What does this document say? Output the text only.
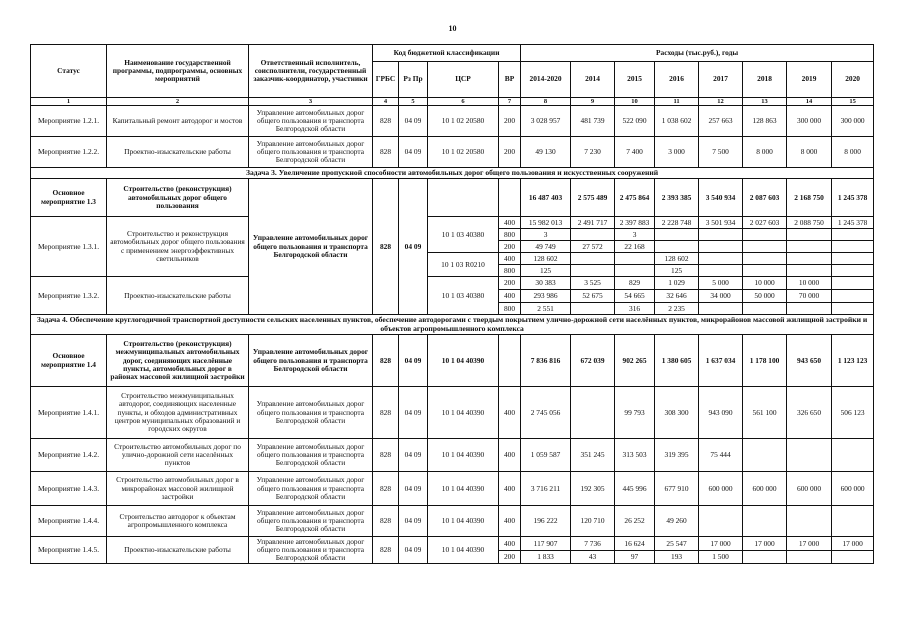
10
Статус	Наименование государственной программы, подпрограммы, основных мероприятий	Ответственный исполнитель, соисполнители, государственный заказчик-координатор, участники	Код бюджетной классификации				Расходы (тыс.руб.), годы							
			ГРБС	Рз Пр	ЦСР	ВР	2014-2020	2014	2015	2016	2017	2018	2019	2020
1	2	3	4	5	6	7	8	9	10	11	12	13	14	15
Мероприятие 1.2.1.	Капитальный ремонт автодорог и мостов	Управление автомобильных дорог общего пользования и транспорта Белгородской области	828	04 09	10 1 02 20580	200	3 028 957	481 739	522 090	1 038 602	257 663	128 863	300 000	300 000
Мероприятие 1.2.2.	Проектно-изыскательские работы	Управление автомобильных дорог общего пользования и транспорта Белгородской области	828	04 09	10 1 02 20580	200	49 130	7 230	7 400	3 000	7 500	8 000	8 000	8 000
Задача 3. Увеличение пропускной способности автомобильных дорог общего пользования и искусственных сооружений														
Основное мероприятие 1.3	Строительство (реконструкция) автомобильных дорог общего пользования	Управление автомобильных дорог общего пользования и транспорта Белгородской области	828	04 09			16 487 403	2 575 489	2 475 864	2 393 385	3 540 934	2 087 603	2 168 750	1 245 378
Мероприятие 1.3.1.	Строительство и реконструкция автомобильных дорог общего пользования с применением энергоэффективных светильников				10 1 03 40380	400	15 982 013	2 491 717	2 397 883	2 228 748	3 501 934	2 027 603	2 088 750	1 245 378
						800	3		3					
						200	49 749	27 572	22 168					
					10 1 03 R0210	400	128 602			128 602				
						800	125			125				
Мероприятие 1.3.2.	Проектно-изыскательские работы				10 1 03 40380	200	30 383	3 525	829	1 029	5 000	10 000	10 000	
						400	293 986	52 675	54 665	32 646	34 000	50 000	70 000	
						800	2 551		316	2 235				
Задача 4. Обеспечение круглогодичной транспортной доступности сельских населенных пунктов, обеспечение автодорогами с твердым покрытием улично-дорожной сети населённых пунктов, микрорайонов массовой жилищной застройки и объектов агропромышленного комплекса														
Основное мероприятие 1.4	Строительство (реконструкция) межмуниципальных автомобильных дорог, соединяющих населённые пункты, автомобильных дорог в районах массовой жилищной застройки	Управление автомобильных дорог общего пользования и транспорта Белгородской области	828	04 09	10 1 04 40390		7 836 816	672 039	902 265	1 380 605	1 637 034	1 178 100	943 650	1 123 123
Мероприятие 1.4.1.	Строительство межмуниципальных автодорог, соединяющих населенные пункты, и обходов административных центров муниципальных образований и городских округов	Управление автомобильных дорог общего пользования и транспорта Белгородской области	828	04 09	10 1 04 40390	400	2 745 056		99 793	308 300	943 090	561 100	326 650	506 123
Мероприятие 1.4.2.	Строительство автомобильных дорог по улично-дорожной сети населённых пунктов	Управление автомобильных дорог общего пользования и транспорта Белгородской области	828	04 09	10 1 04 40390	400	1 059 587	351 245	313 503	319 395	75 444			
Мероприятие 1.4.3.	Строительство автомобильных дорог в микрорайонах массовой жилищной застройки	Управление автомобильных дорог общего пользования и транспорта Белгородской области	828	04 09	10 1 04 40390	400	3 716 211	192 305	445 996	677 910	600 000	600 000	600 000	600 000
Мероприятие 1.4.4.	Строительство автодорог к объектам агропромышленного комплекса	Управление автомобильных дорог общего пользования и транспорта Белгородской области	828	04 09	10 1 04 40390	400	196 222	120 710	26 252	49 260				
Мероприятие 1.4.5.	Проектно-изыскательские работы	Управление автомобильных дорог общего пользования и транспорта Белгородской области	828	04 09	10 1 04 40390	400	117 907	7 736	16 624	25 547	17 000	17 000	17 000	17 000
						200	1 833	43	97	193	1 500			
